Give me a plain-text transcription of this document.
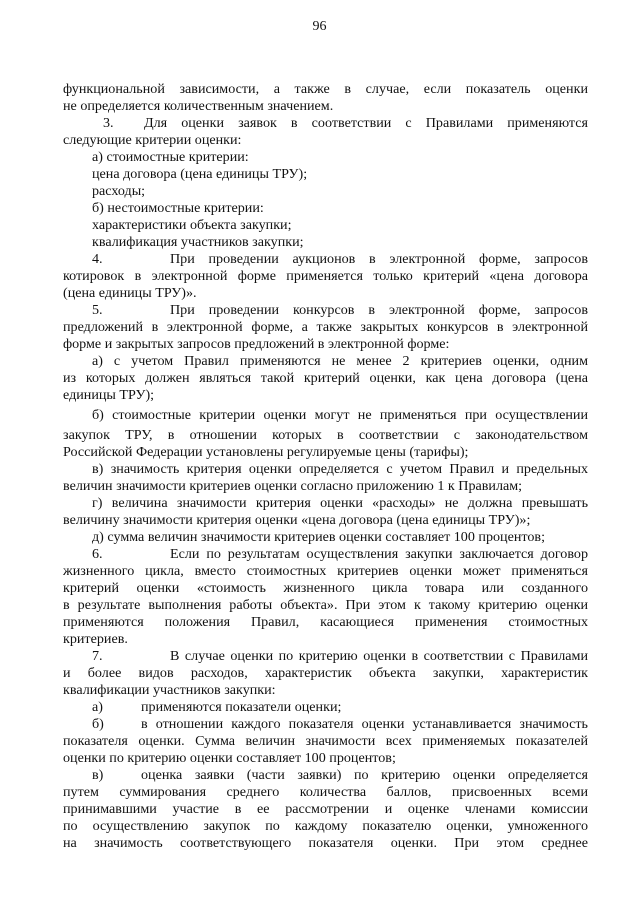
96
функциональной зависимости, а также в случае, если показатель оценки
не определяется количественным значением.
3.	Для оценки заявок в соответствии с Правилами применяются
следующие критерии оценки:
а) стоимостные критерии:
цена договора (цена единицы ТРУ);
расходы;
б) нестоимостные критерии:
характеристики объекта закупки;
квалификация участников закупки;
4.	При проведении аукционов в электронной форме, запросов
котировок в электронной форме применяется только критерий «цена договора
(цена единицы ТРУ)».
5.	При проведении конкурсов в электронной форме, запросов
предложений в электронной форме, а также закрытых конкурсов в электронной
форме и закрытых запросов предложений в электронной форме:
а) с учетом Правил применяются не менее 2 критериев оценки, одним
из которых должен являться такой критерий оценки, как цена договора (цена
единицы ТРУ);
б) стоимостные критерии оценки могут не применяться при осуществлении
закупок ТРУ, в отношении которых в соответствии с законодательством
Российской Федерации установлены регулируемые цены (тарифы);
в) значимость критерия оценки определяется с учетом Правил и предельных
величин значимости критериев оценки согласно приложению 1 к Правилам;
г) величина значимости критерия оценки «расходы» не должна превышать
величину значимости критерия оценки «цена договора (цена единицы ТРУ)»;
д) сумма величин значимости критериев оценки составляет 100 процентов;
6.	Если по результатам осуществления закупки заключается договор
жизненного цикла, вместо стоимостных критериев оценки может применяться
критерий оценки «стоимость жизненного цикла товара или созданного
в результате выполнения работы объекта». При этом к такому критерию оценки
применяются положения Правил, касающиеся применения стоимостных
критериев.
7.	В случае оценки по критерию оценки в соответствии с Правилами
и более видов расходов, характеристик объекта закупки, характеристик
квалификации участников закупки:
а)	применяются показатели оценки;
б)	в отношении каждого показателя оценки устанавливается значимость
показателя оценки. Сумма величин значимости всех применяемых показателей
оценки по критерию оценки составляет 100 процентов;
в)	оценка заявки (части заявки) по критерию оценки определяется
путем суммирования среднего количества баллов, присвоенных всеми
принимавшими участие в ее рассмотрении и оценке членами комиссии
по осуществлению закупок по каждому показателю оценки, умноженного
на значимость соответствующего показателя оценки. При этом среднее
